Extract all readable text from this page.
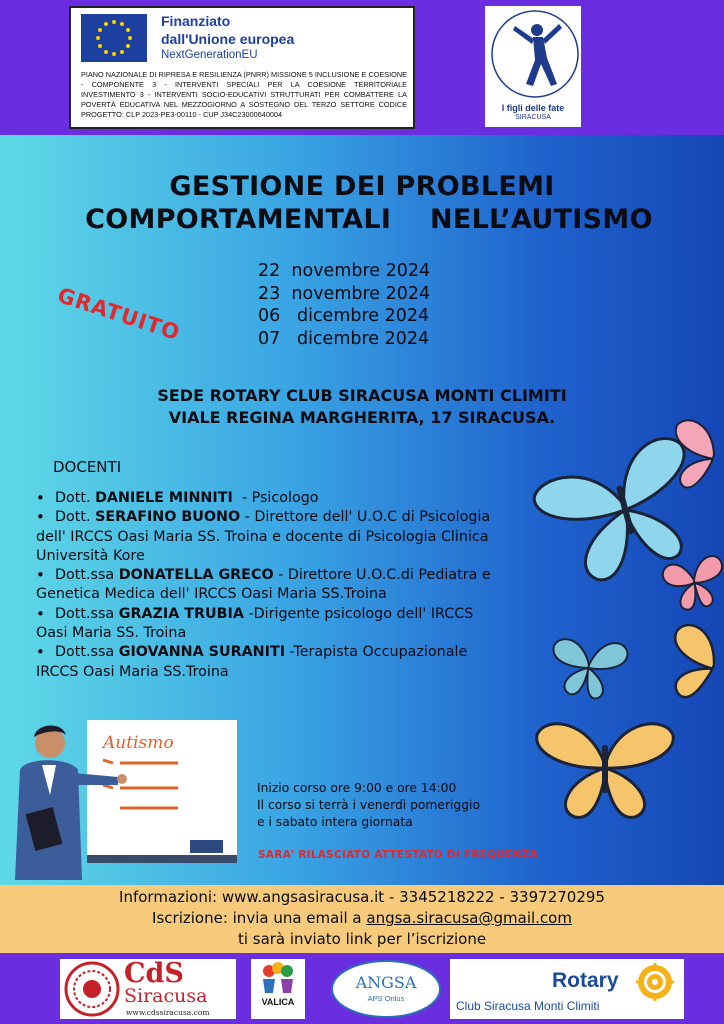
Finanziato
dall'Unione europea
NextGenerationEU
PIANO NAZIONALE DI RIPRESA E RESILIENZA (PNRR) MISSIONE 5 INCLUSIONE E COESIONE - COMPONENTE 3 - INTERVENTI SPECIALI PER LA COESIONE TERRITORIALE INVESTIMENTO 3 - INTERVENTI SOCIO-EDUCATIVI STRUTTURATI PER COMBATTERE LA POVERTÀ EDUCATIVA NEL MEZZOGIORNO A SOSTEGNO DEL TERZO SETTORE CODICE PROGETTO: CLP 2023-PE3-00110 - CUP J34C23000640004
I figli delle fate
SIRACUSA
GESTIONE DEI PROBLEMI
COMPORTAMENTALI    NELL’AUTISMO
GRATUITO
22  novembre 2024
23  novembre 2024
06   dicembre 2024
07   dicembre 2024
SEDE ROTARY CLUB SIRACUSA MONTI CLIMITI
VIALE REGINA MARGHERITA, 17 SIRACUSA.
DOCENTI
• Dott. DANIELE MINNITI  - Psicologo
• Dott. SERAFINO BUONO - Direttore dell' U.O.C di Psicologia
dell' IRCCS Oasi Maria SS. Troina e docente di Psicologia Clinica Università Kore
• Dott.ssa DONATELLA GRECO - Direttore U.O.C.di Pediatra e
Genetica Medica dell' IRCCS Oasi Maria SS.Troina
• Dott.ssa GRAZIA TRUBIA -Dirigente psicologo dell' IRCCS
Oasi Maria SS. Troina
• Dott.ssa GIOVANNA SURANITI -Terapista Occupazionale
IRCCS Oasi Maria SS.Troina
Autismo
Inizio corso ore 9:00 e ore 14:00
Il corso si terrà i venerdì pomeriggio
e i sabato intera giornata
SARA' RILASCIATO ATTESTATO DI FREQUENZA
Informazioni: www.angsasiracusa.it - 3345218222 - 3397270295
Iscrizione: invia una email a angsa.siracusa@gmail.com
ti sarà inviato link per l’iscrizione
CdS
Siracusa
www.cdssiracusa.com
VALICA
ANGSA
APS Onlus
Rotary
Club Siracusa Monti Climiti
